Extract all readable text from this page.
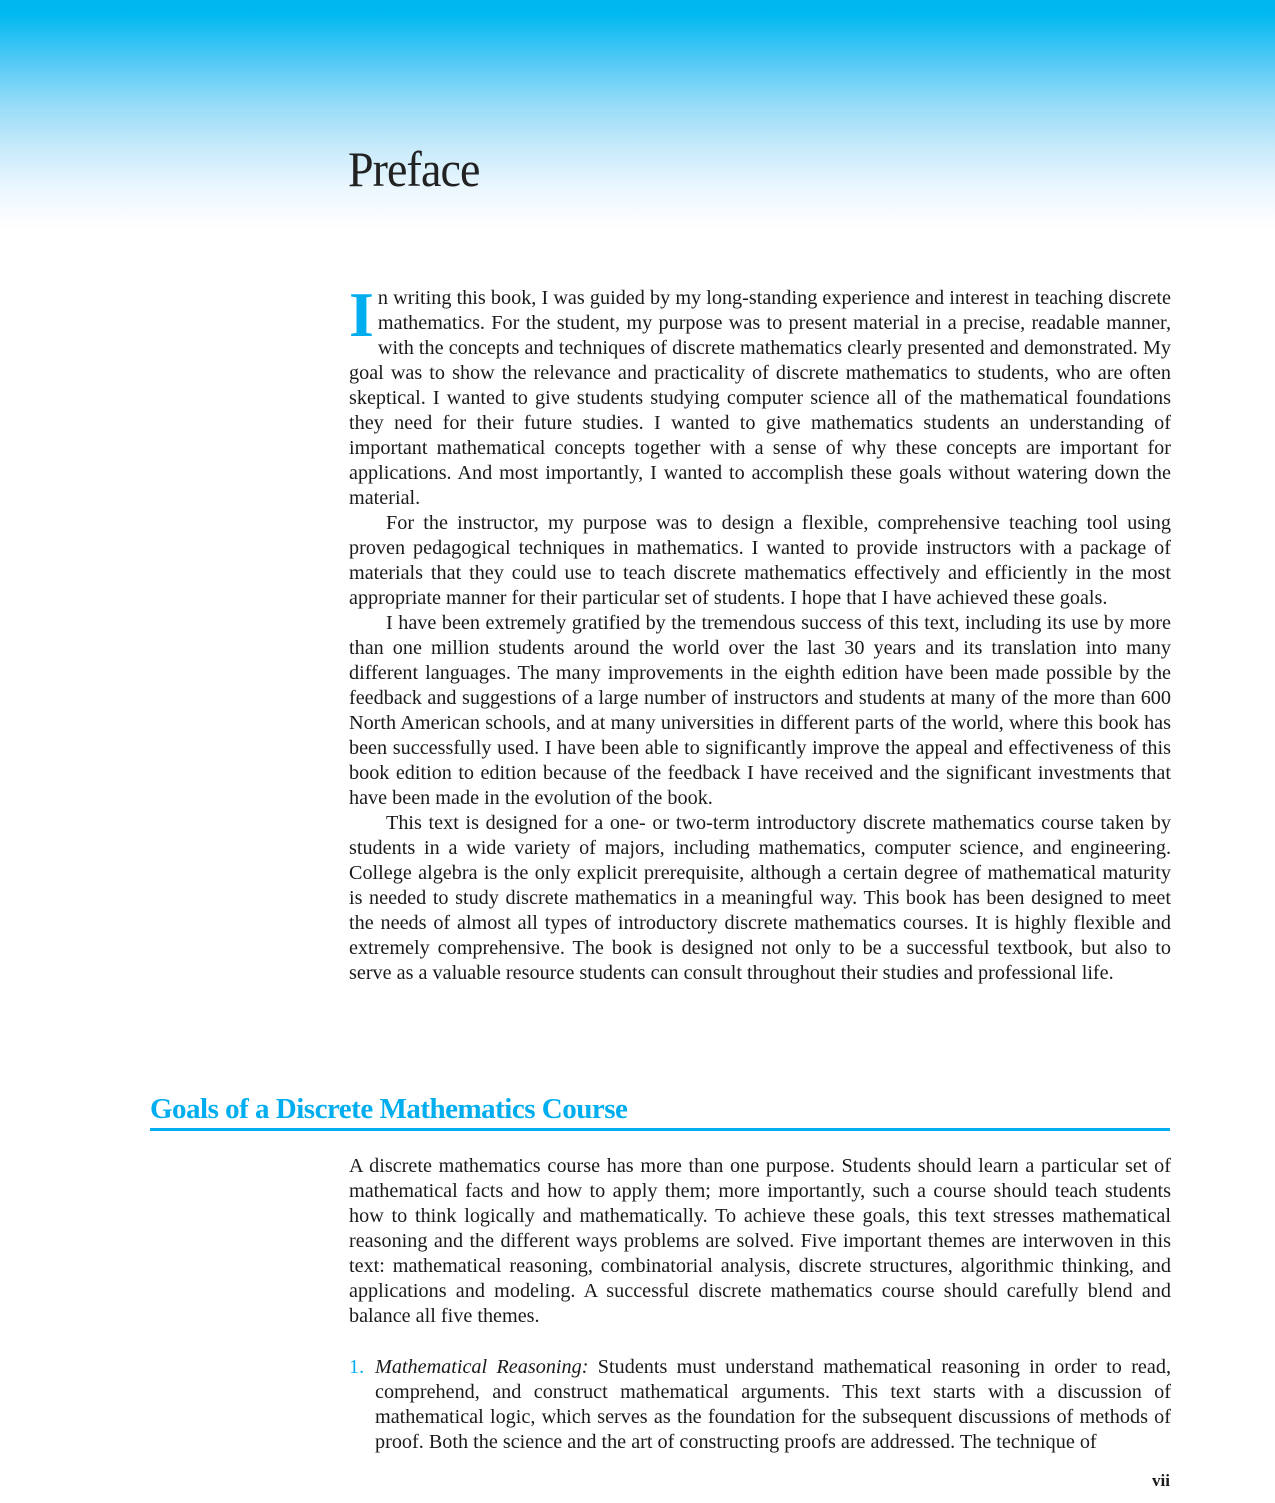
Preface

In writing this book, I was guided by my long-standing experience and interest in teaching discrete mathematics. For the student, my purpose was to present material in a precise, readable manner, with the concepts and techniques of discrete mathematics clearly presented and demonstrated. My goal was to show the relevance and practicality of discrete mathematics to students, who are often skeptical. I wanted to give students studying computer science all of the mathematical foundations they need for their future studies. I wanted to give mathematics students an understanding of important mathematical concepts together with a sense of why these concepts are important for applications. And most importantly, I wanted to accomplish these goals without watering down the material.

For the instructor, my purpose was to design a flexible, comprehensive teaching tool using proven pedagogical techniques in mathematics. I wanted to provide instructors with a package of materials that they could use to teach discrete mathematics effectively and efficiently in the most appropriate manner for their particular set of students. I hope that I have achieved these goals.

I have been extremely gratified by the tremendous success of this text, including its use by more than one million students around the world over the last 30 years and its translation into many different languages. The many improvements in the eighth edition have been made possible by the feedback and suggestions of a large number of instructors and students at many of the more than 600 North American schools, and at many universities in different parts of the world, where this book has been successfully used. I have been able to significantly improve the appeal and effectiveness of this book edition to edition because of the feedback I have received and the significant investments that have been made in the evolution of the book.

This text is designed for a one- or two-term introductory discrete mathematics course taken by students in a wide variety of majors, including mathematics, computer science, and engineering. College algebra is the only explicit prerequisite, although a certain degree of mathematical maturity is needed to study discrete mathematics in a meaningful way. This book has been designed to meet the needs of almost all types of introductory discrete mathematics courses. It is highly flexible and extremely comprehensive. The book is designed not only to be a successful textbook, but also to serve as a valuable resource students can consult throughout their studies and professional life.

Goals of a Discrete Mathematics Course

A discrete mathematics course has more than one purpose. Students should learn a particular set of mathematical facts and how to apply them; more importantly, such a course should teach students how to think logically and mathematically. To achieve these goals, this text stresses mathematical reasoning and the different ways problems are solved. Five important themes are interwoven in this text: mathematical reasoning, combinatorial analysis, discrete structures, algorithmic thinking, and applications and modeling. A successful discrete mathematics course should carefully blend and balance all five themes.

1. Mathematical Reasoning: Students must understand mathematical reasoning in order to read, comprehend, and construct mathematical arguments. This text starts with a discussion of mathematical logic, which serves as the foundation for the subsequent discussions of methods of proof. Both the science and the art of constructing proofs are addressed. The technique of
vii
